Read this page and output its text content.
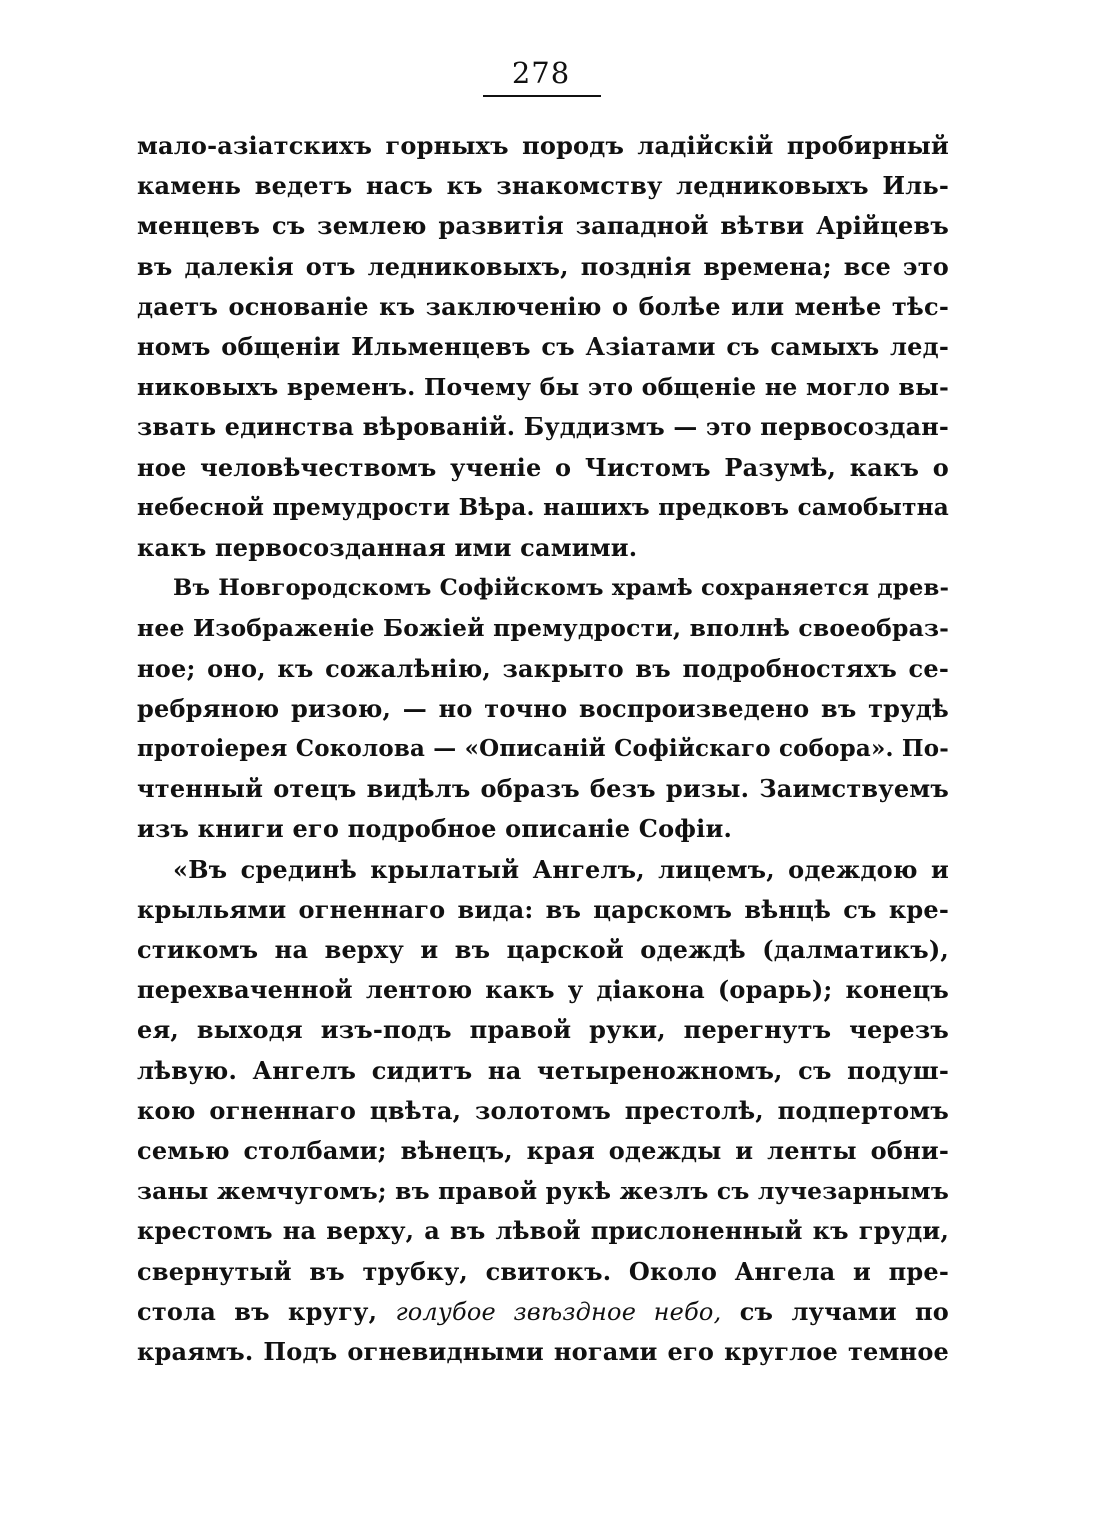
278
мало-азіатскихъ горныхъ породъ ладійскій пробирный
камень ведетъ насъ къ знакомству ледниковыхъ Иль-
менцевъ съ землею развитія западной вѣтви Арійцевъ
въ далекія отъ ледниковыхъ, позднія времена; все это
даетъ основаніе къ заключенію о болѣе или менѣе тѣс-
номъ общеніи Ильменцевъ съ Азіатами съ самыхъ лед-
никовыхъ временъ. Почему бы это общеніе не могло вы-
звать единства вѣрованій. Буддизмъ — это первосоздан-
ное человѣчествомъ ученіе о Чистомъ Разумѣ, какъ о
небесной премудрости Вѣра. нашихъ предковъ самобытна
какъ первосозданная ими самими.
Въ Новгородскомъ Софійскомъ храмѣ сохраняется древ-
нее Изображеніе Божіей премудрости, вполнѣ своеобраз-
ное; оно, къ сожалѣнію, закрыто въ подробностяхъ се-
ребряною ризою, — но точно воспроизведено въ трудѣ
протоіерея Соколова — «Описаній Софійскаго собора». По-
чтенный отецъ видѣлъ образъ безъ ризы. Заимствуемъ
изъ книги его подробное описаніе Софіи.
«Въ срединѣ крылатый Ангелъ, лицемъ, одеждою и
крыльями огненнаго вида: въ царскомъ вѣнцѣ съ кре-
стикомъ на верху и въ царской одеждѣ (далматикъ),
перехваченной лентою какъ у діакона (орарь); конецъ
ея, выходя изъ-подъ правой руки, перегнутъ черезъ
лѣвую. Ангелъ сидитъ на четыреножномъ, съ подуш-
кою огненнаго цвѣта, золотомъ престолѣ, подпертомъ
семью столбами; вѣнецъ, края одежды и ленты обни-
заны жемчугомъ; въ правой рукѣ жезлъ съ лучезарнымъ
крестомъ на верху, а въ лѣвой прислоненный къ груди,
свернутый въ трубку, свитокъ. Около Ангела и пре-
стола въ кругу, голубое звѣздное небо, съ лучами по
краямъ. Подъ огневидными ногами его круглое темное
